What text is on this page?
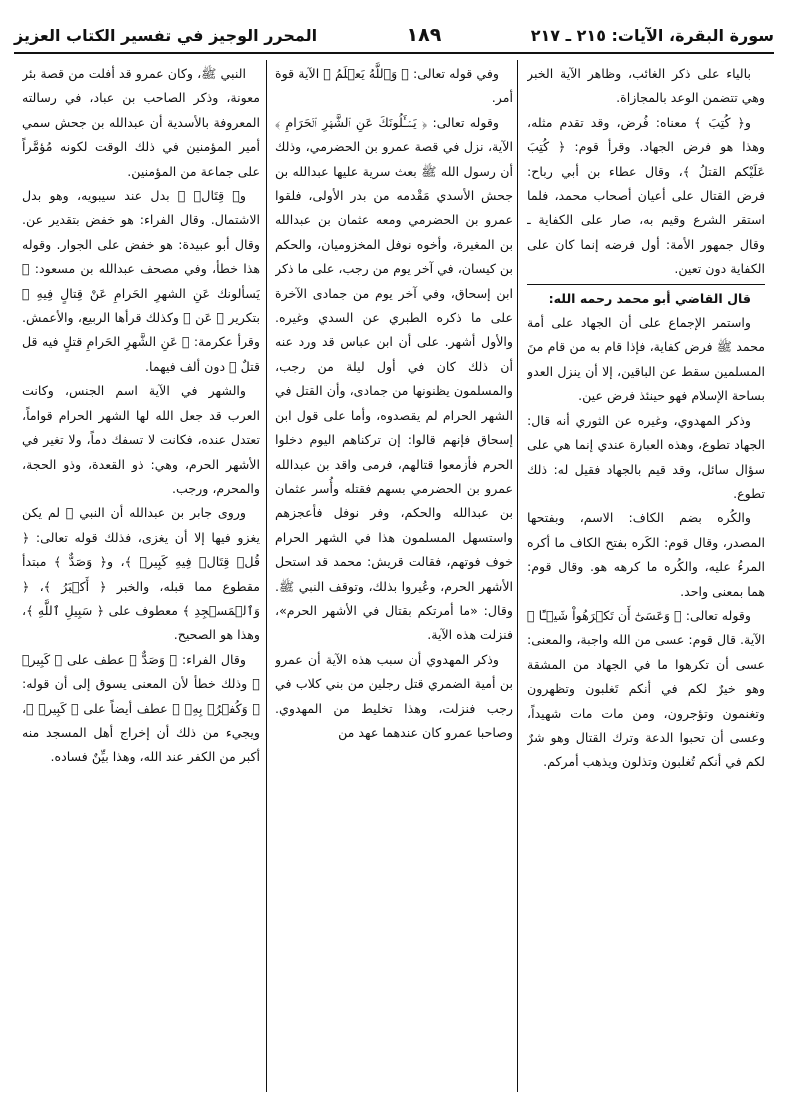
سورة البقرة، الآيات: ٢١٥ ـ ٢١٧
١٨٩
المحرر الوجيز في تفسير الكتاب العزيز

بالياء على ذكر الغائب، وظاهر الآية الخبر وهي تتضمن الوعد بالمجازاة.

و﴿ كُتِبَ ﴾ معناه: فُرض، وقد تقدم مثله، وهذا هو فرض الجهاد. وقرأ قوم: ﴿ كُتِبَ عَلَيْكم القتلُ ﴾، وقال عطاء بن أبي رباح: فرض القتال على أعيان أصحاب محمد، فلما استقر الشرع وقيم به، صار على الكفاية ـ وقال جمهور الأمة: أول فرضه إنما كان على الكفاية دون تعين.

قال القاضي أبو محمد رحمه الله:

واستمر الإجماع على أن الجهاد على أمة محمد ﷺ فرض كفاية، فإذا قام به من قام منَ المسلمين سقط عن الباقين، إلا أن ينزل العدو بساحة الإسلام فهو حينئذ فرض عين.

وذكر المهدوي، وغيره عن الثوري أنه قال: الجهاد تطوع، وهذه العبارة عندي إنما هي على سؤال سائل، وقد قيم بالجهاد فقيل له: ذلك تطوع.

والكُره بضم الكاف: الاسم، وبفتحها المصدر، وقال قوم: الكَره بفتح الكاف ما أكره المرءُ عليه، والكُره ما كرهه هو. وقال قوم: هما بمعنى واحد.

وقوله تعالى: ﴿ وَعَسَىٰٓ أَن تَكۡرَهُواْ شَيۡـًٔا ﴾ الآية. قال قوم: عسى من الله واجبة، والمعنى: عسى أن تكرهوا ما في الجهاد من المشقة وهو خيرٌ لكم في أنكم تَغلبون وتظهرون وتغنمون وتؤجرون، ومن مات مات شهيداً، وعسى أن تحبوا الدعة وترك القتال وهو شرٌ لكم في أنكم تُغلبون وتذلون ويذهب أمركم.

وفي قوله تعالى: ﴿ وَٱللَّهُ يَعۡلَمُ ﴾ الآية قوة أمر.

وقوله تعالى: ﴿ يَسۡـَٔلُونَكَ عَنِ ٱلشَّهۡرِ ٱلۡحَرَامِ ﴾ الآية، نزل في قصة عمرو بن الحضرمي، وذلك أن رسول الله ﷺ بعث سرية عليها عبدالله بن جحش الأسدي مَقْدمه من بدر الأولى، فلقوا عمرو بن الحضرمي ومعه عثمان بن عبدالله بن المغيرة، وأخوه نوفل المخزوميان، والحكم بن كيسان، في آخر يوم من رجب، على ما ذكر ابن إسحاق، وفي آخر يوم من جمادى الآخرة على ما ذكره الطبري عن السدي وغيره. والأول أشهر. على أن ابن عباس قد ورد عنه أن ذلك كان في أول ليلة من رجب، والمسلمون يظنونها من جمادى، وأن القتل في الشهر الحرام لم يقصدوه، وأما على قول ابن إسحاق فإنهم قالوا: إن تركناهم اليوم دخلوا الحرم فأزمعوا قتالهم، فرمى واقد بن عبدالله عمرو بن الحضرمي بسهم فقتله وأُسر عثمان بن عبدالله والحكم، وفر نوفل فأعجزهم واستسهل المسلمون هذا في الشهر الحرام خوف فوتهم، فقالت قريش: محمد قد استحل الأشهر الحرم، وعُيروا بذلك، وتوقف النبي ﷺ. وقال: «ما أمرتكم بقتال في الأشهر الحرم»، فنزلت هذه الآية.

وذكر المهدوي أن سبب هذه الآية أن عمرو بن أمية الضمري قتل رجلين من بني كلاب في رجب فنزلت، وهذا تخليط من المهدوي. وصاحبا عمرو كان عندهما عهد من

النبي ﷺ، وكان عمرو قد أفلت من قصة بئر معونة، وذكر الصاحب بن عباد، في رسالته المعروفة بالأسدية أن عبدالله بن جحش سمي أمير المؤمنين في ذلك الوقت لكونه مُؤمَّراً على جماعة من المؤمنين.

و﴿ قِتَالٖ ﴾ بدل عند سيبويه، وهو بدل الاشتمال. وقال الفراء: هو خفض بتقدير عن. وقال أبو عبيدة: هو خفض على الجوار. وقوله هذا خطأ، وفي مصحف عبدالله بن مسعود: ﴿ يَسألونك عَنِ الشهرِ الحَرامِ عَنْ قِتالٍ فِيهِ ﴾ بتكرير ﴿ عَن ﴾ وكذلك قرأها الربيع، والأعمش. وقرأ عكرمة: ﴿ عَنِ الشَّهرِ الحَرامِ قتلٍ فيه قل قتلٌ ﴾ دون ألف فيهما.

والشهر في الآية اسم الجنس، وكانت العرب قد جعل الله لها الشهر الحرام قواماً، تعتدل عنده، فكانت لا تسفك دماً، ولا تغير في الأشهر الحرم، وهي: ذو القعدة، وذو الحجة، والمحرم، ورجب.

وروى جابر بن عبدالله أن النبي ﷺ لم يكن يغزو فيها إلا أن يغزى، فذلك قوله تعالى: ﴿ قُلۡ قِتَالٞ فِيهِ كَبِيرٞ ﴾، و﴿ وَصَدٌّ ﴾ مبتدأ مقطوع مما قبله، والخبر ﴿ أَكۡبَرُ ﴾، ﴿ وَٱلۡمَسۡجِدِ ﴾ معطوف على ﴿ سَبِيلِ ٱللَّهِ ﴾، وهذا هو الصحيح.

وقال الفراء: ﴿ وَصَدٌّ ﴾ عطف على ﴿ كَبِيرٞ ﴾ وذلك خطأ لأن المعنى يسوق إلى أن قوله: ﴿ وَكُفۡرُۢ بِهِۦ ﴾ عطف أيضاً على ﴿ كَبِيرٞ ﴾، ويجيء من ذلك أن إخراج أهل المسجد منه أكبر من الكفر عند الله، وهذا بيِّنٌ فساده.
